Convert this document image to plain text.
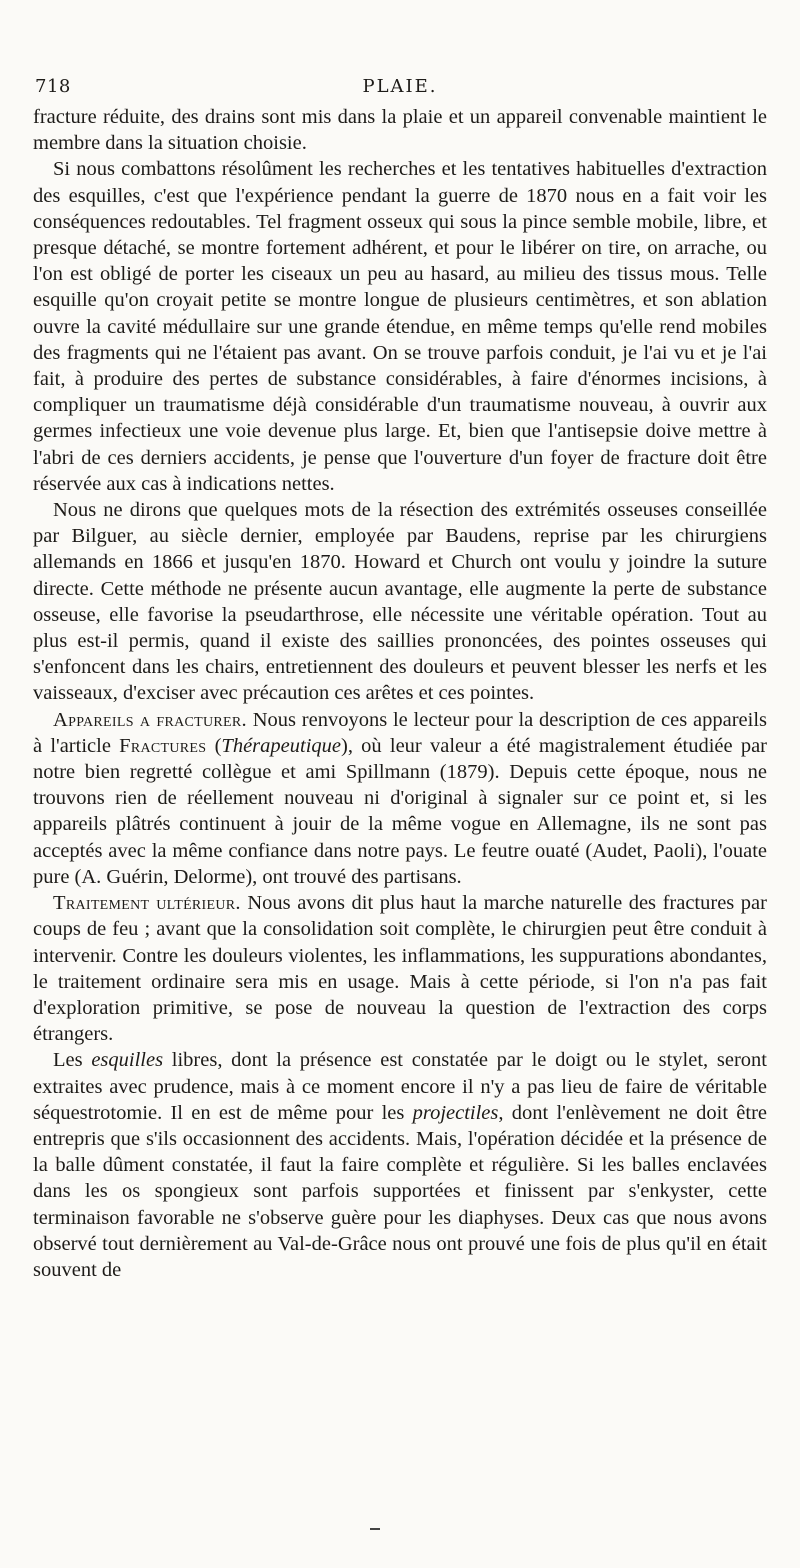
718	PLAIE.

fracture réduite, des drains sont mis dans la plaie et un appareil convenable maintient le membre dans la situation choisie.

Si nous combattons résolûment les recherches et les tentatives habituelles d'extraction des esquilles, c'est que l'expérience pendant la guerre de 1870 nous en a fait voir les conséquences redoutables. Tel fragment osseux qui sous la pince semble mobile, libre, et presque détaché, se montre fortement adhérent, et pour le libérer on tire, on arrache, ou l'on est obligé de porter les ciseaux un peu au hasard, au milieu des tissus mous. Telle esquille qu'on croyait petite se montre longue de plusieurs centimètres, et son ablation ouvre la cavité médullaire sur une grande étendue, en même temps qu'elle rend mobiles des fragments qui ne l'étaient pas avant. On se trouve parfois conduit, je l'ai vu et je l'ai fait, à produire des pertes de substance considérables, à faire d'énormes incisions, à compliquer un traumatisme déjà considérable d'un traumatisme nouveau, à ouvrir aux germes infectieux une voie devenue plus large. Et, bien que l'antisepsie doive mettre à l'abri de ces derniers accidents, je pense que l'ouverture d'un foyer de fracture doit être réservée aux cas à indications nettes.

Nous ne dirons que quelques mots de la résection des extrémités osseuses conseillée par Bilguer, au siècle dernier, employée par Baudens, reprise par les chirurgiens allemands en 1866 et jusqu'en 1870. Howard et Church ont voulu y joindre la suture directe. Cette méthode ne présente aucun avantage, elle augmente la perte de substance osseuse, elle favorise la pseudarthrose, elle nécessite une véritable opération. Tout au plus est-il permis, quand il existe des saillies prononcées, des pointes osseuses qui s'enfoncent dans les chairs, entretiennent des douleurs et peuvent blesser les nerfs et les vaisseaux, d'exciser avec précaution ces arêtes et ces pointes.

Appareils a fracturer. Nous renvoyons le lecteur pour la description de ces appareils à l'article Fractures (Thérapeutique), où leur valeur a été magistralement étudiée par notre bien regretté collègue et ami Spillmann (1879). Depuis cette époque, nous ne trouvons rien de réellement nouveau ni d'original à signaler sur ce point et, si les appareils plâtrés continuent à jouir de la même vogue en Allemagne, ils ne sont pas acceptés avec la même confiance dans notre pays. Le feutre ouaté (Audet, Paoli), l'ouate pure (A. Guérin, Delorme), ont trouvé des partisans.

Traitement ultérieur. Nous avons dit plus haut la marche naturelle des fractures par coups de feu ; avant que la consolidation soit complète, le chirurgien peut être conduit à intervenir. Contre les douleurs violentes, les inflammations, les suppurations abondantes, le traitement ordinaire sera mis en usage. Mais à cette période, si l'on n'a pas fait d'exploration primitive, se pose de nouveau la question de l'extraction des corps étrangers.

Les esquilles libres, dont la présence est constatée par le doigt ou le stylet, seront extraites avec prudence, mais à ce moment encore il n'y a pas lieu de faire de véritable séquestrotomie. Il en est de même pour les projectiles, dont l'enlèvement ne doit être entrepris que s'ils occasionnent des accidents. Mais, l'opération décidée et la présence de la balle dûment constatée, il faut la faire complète et régulière. Si les balles enclavées dans les os spongieux sont parfois supportées et finissent par s'enkyster, cette terminaison favorable ne s'observe guère pour les diaphyses. Deux cas que nous avons observé tout dernièrement au Val-de-Grâce nous ont prouvé une fois de plus qu'il en était souvent de
